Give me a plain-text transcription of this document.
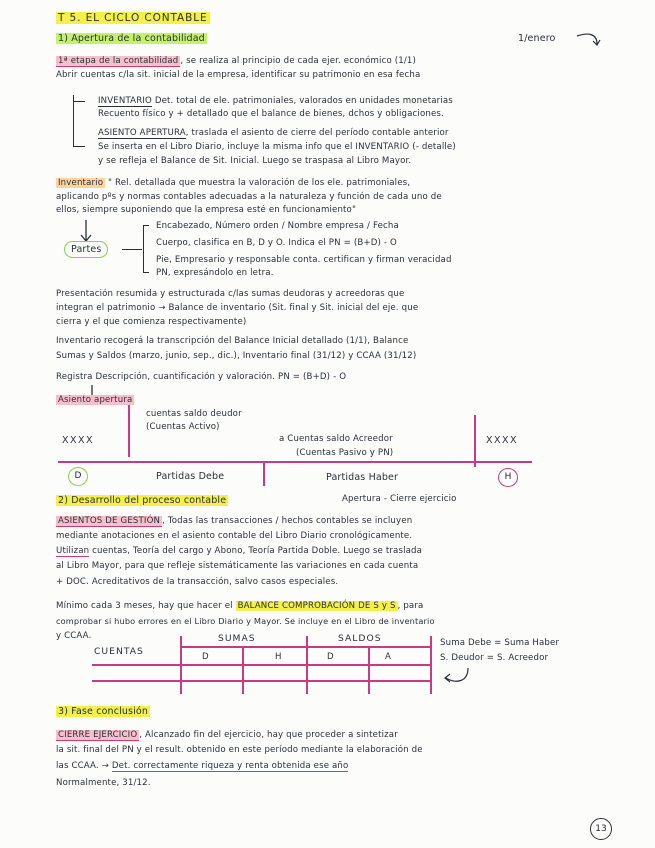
T 5. EL CICLO CONTABLE
1) Apertura de la contabilidad	1/enero
1ª etapa de la contabilidad , se realiza al principio de cada ejer. económico (1/1)
Abrir cuentas c/la sit. inicial de la empresa, identificar su patrimonio en esa fecha
INVENTARIO Det. total de ele. patrimoniales, valorados en unidades monetarias
Recuento físico y + detallado que el balance de bienes, dchos y obligaciones.
ASIENTO APERTURA, traslada el asiento de cierre del período contable anterior
Se inserta en el Libro Diario, incluye la misma info que el INVENTARIO (- detalle)
y se refleja el Balance de Sit. Inicial. Luego se traspasa al Libro Mayor.
Inventario " Rel. detallada que muestra la valoración de los ele. patrimoniales,
aplicando pºs y normas contables adecuadas a la naturaleza y función de cada uno de
ellos, siempre suponiendo que la empresa esté en funcionamiento"
Partes
Encabezado, Número orden / Nombre empresa / Fecha
Cuerpo, clasifica en B, D y O. Indica el PN = (B+D) - O
Pie, Empresario y responsable conta. certifican y firman veracidad
PN, expresándolo en letra.
Presentación resumida y estructurada c/las sumas deudoras y acreedoras que
integran el patrimonio → Balance de inventario (Sit. final y Sit. inicial del eje. que
cierra y el que comienza respectivamente)
Inventario recogerá la transcripción del Balance Inicial detallado (1/1), Balance
Sumas y Saldos (marzo, junio, sep., dic.), Inventario final (31/12) y CCAA (31/12)
Registra Descripción, cuantificación y valoración. PN = (B+D) - O
Asiento apertura
XXXX
cuentas saldo deudor
(Cuentas Activo)
a Cuentas saldo Acreedor
(Cuentas Pasivo y PN)
XXXX
D	Partidas Debe	Partidas Haber	H
2) Desarrollo del proceso contable	Apertura - Cierre ejercicio
ASIENTOS DE GESTIÓN , Todas las transacciones / hechos contables se incluyen
mediante anotaciones en el asiento contable del Libro Diario cronológicamente.
Utilizan cuentas, Teoría del cargo y Abono, Teoría Partida Doble. Luego se traslada
al Libro Mayor, para que refleje sistemáticamente las variaciones en cada cuenta
+ DOC. Acreditativos de la transacción, salvo casos especiales.
Mínimo cada 3 meses, hay que hacer el BALANCE COMPROBACIÓN DE S y S , para
comprobar si hubo errores en el Libro Diario y Mayor. Se incluye en el Libro de inventario
y CCAA.
CUENTAS
SUMAS	SALDOS
D	H	D	A
Suma Debe = Suma Haber
S. Deudor = S. Acreedor
3) Fase conclusión
CIERRE EJERCICIO , Alcanzado fin del ejercicio, hay que proceder a sintetizar
la sit. final del PN y el result. obtenido en este período mediante la elaboración de
las CCAA. → Det. correctamente riqueza y renta obtenida ese año
Normalmente, 31/12.
13
